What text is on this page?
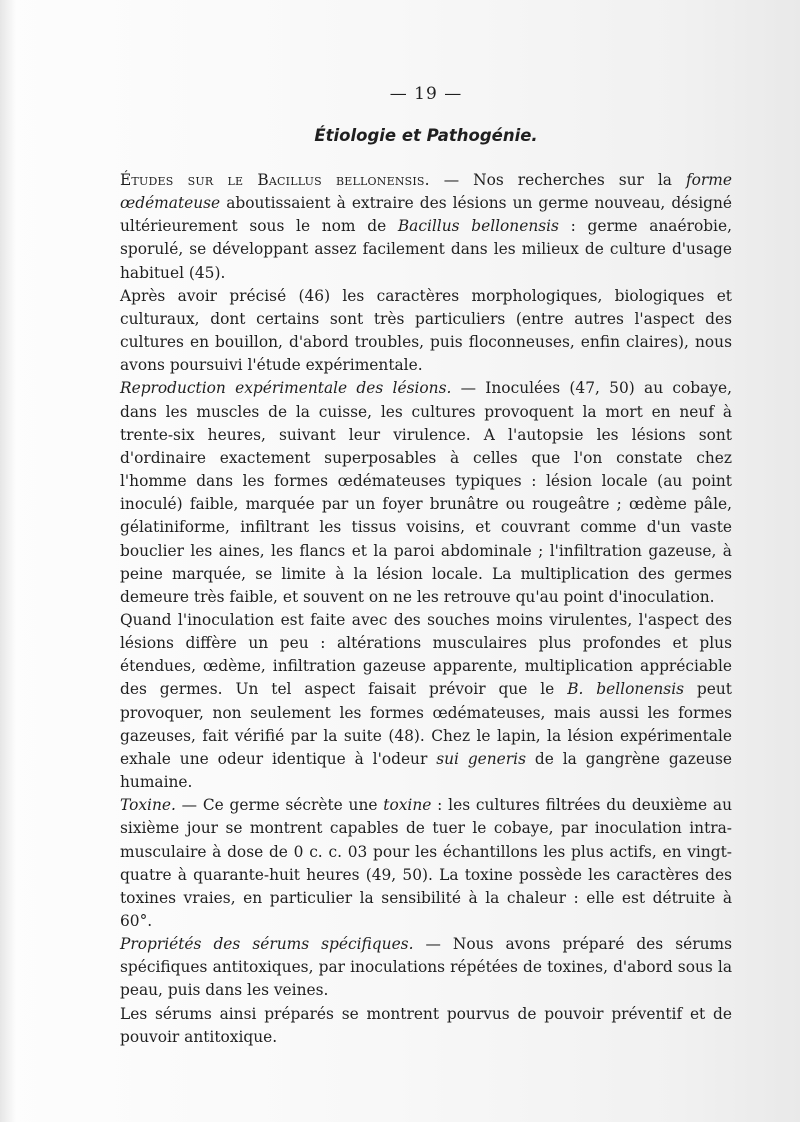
— 19 —
Étiologie et Pathogénie.

Études sur le Bacillus bellonensis. — Nos recherches sur la forme œdémateuse aboutissaient à extraire des lésions un germe nouveau, désigné ultérieurement sous le nom de Bacillus bellonensis : germe anaérobie, sporulé, se développant assez facilement dans les milieux de culture d'usage habituel (45).

Après avoir précisé (46) les caractères morphologiques, biologiques et culturaux, dont certains sont très particuliers (entre autres l'aspect des cultures en bouillon, d'abord troubles, puis floconneuses, enfin claires), nous avons poursuivi l'étude expérimentale.

Reproduction expérimentale des lésions. — Inoculées (47, 50) au cobaye, dans les muscles de la cuisse, les cultures provoquent la mort en neuf à trente-six heures, suivant leur virulence. A l'autopsie les lésions sont d'ordinaire exactement superposables à celles que l'on constate chez l'homme dans les formes œdémateuses typiques : lésion locale (au point inoculé) faible, marquée par un foyer brunâtre ou rougeâtre ; œdème pâle, gélatiniforme, infiltrant les tissus voisins, et couvrant comme d'un vaste bouclier les aines, les flancs et la paroi abdominale ; l'infiltration gazeuse, à peine marquée, se limite à la lésion locale. La multiplication des germes demeure très faible, et souvent on ne les retrouve qu'au point d'inoculation.

Quand l'inoculation est faite avec des souches moins virulentes, l'aspect des lésions diffère un peu : altérations musculaires plus profondes et plus étendues, œdème, infiltration gazeuse apparente, multiplication appréciable des germes. Un tel aspect faisait prévoir que le B. bellonensis peut provoquer, non seulement les formes œdémateuses, mais aussi les formes gazeuses, fait vérifié par la suite (48). Chez le lapin, la lésion expérimentale exhale une odeur identique à l'odeur sui generis de la gangrène gazeuse humaine.

Toxine. — Ce germe sécrète une toxine : les cultures filtrées du deuxième au sixième jour se montrent capables de tuer le cobaye, par inoculation intra-musculaire à dose de 0 c. c. 03 pour les échantillons les plus actifs, en vingt-quatre à quarante-huit heures (49, 50). La toxine possède les caractères des toxines vraies, en particulier la sensibilité à la chaleur : elle est détruite à 60°.

Propriétés des sérums spécifiques. — Nous avons préparé des sérums spécifiques antitoxiques, par inoculations répétées de toxines, d'abord sous la peau, puis dans les veines.

Les sérums ainsi préparés se montrent pourvus de pouvoir préventif et de pouvoir antitoxique.
